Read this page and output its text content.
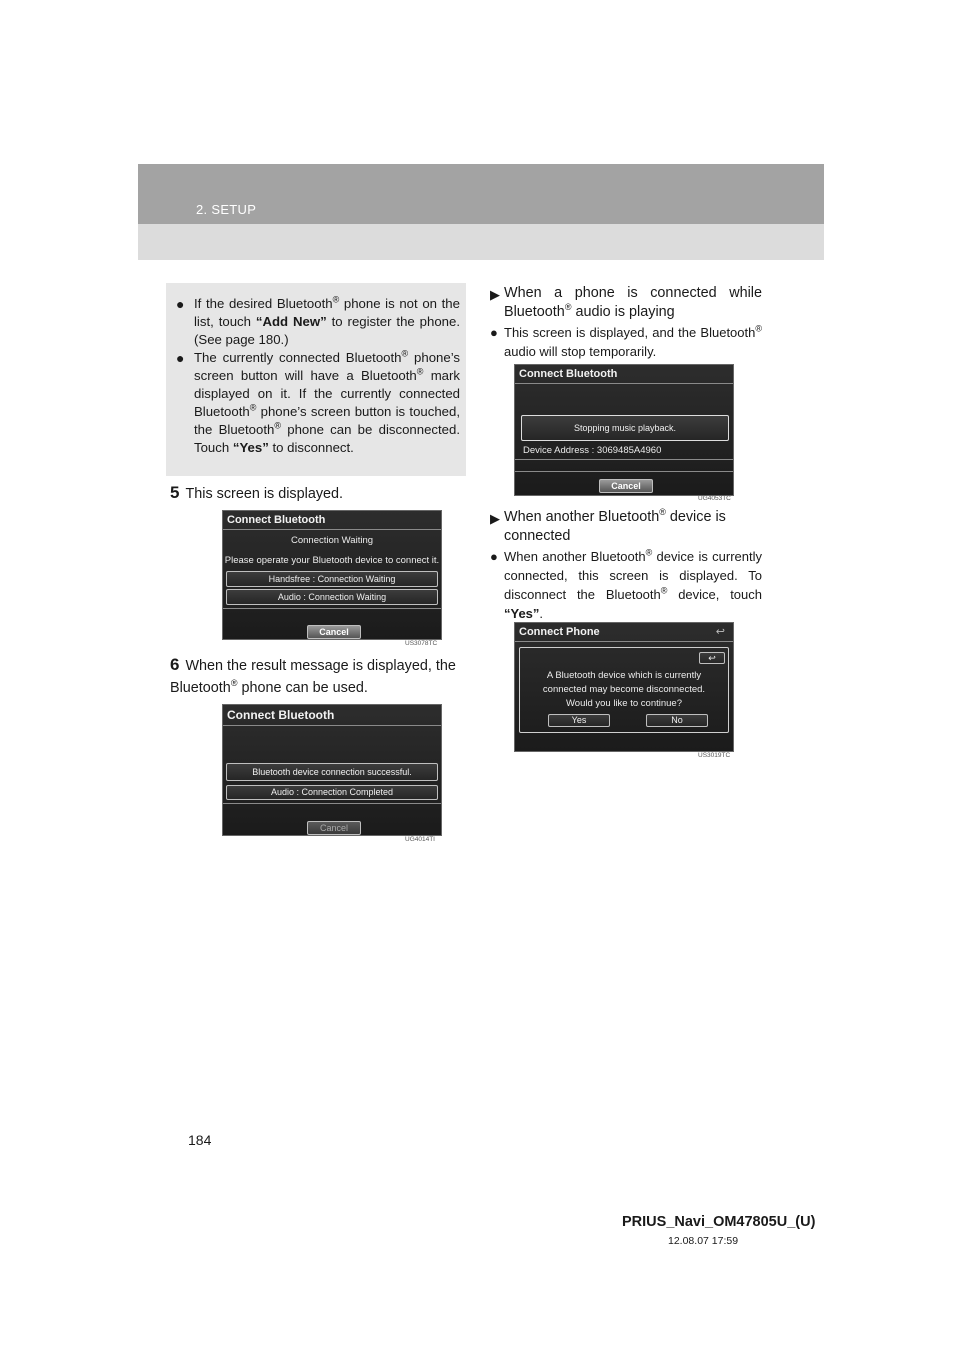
2. SETUP
● If the desired Bluetooth® phone is not on the list, touch “Add New” to register the phone. (See page 180.)
● The currently connected Bluetooth® phone’s screen button will have a Bluetooth® mark displayed on it. If the currently connected Bluetooth® phone’s screen button is touched, the Bluetooth® phone can be disconnected. Touch “Yes” to disconnect.
5 This screen is displayed.
Connect Bluetooth
Connection Waiting
Please operate your Bluetooth device to connect it.
Handsfree : Connection Waiting
Audio : Connection Waiting
Cancel
US3078TC
6 When the result message is displayed, the Bluetooth® phone can be used.
Connect Bluetooth
Bluetooth device connection successful.
Audio : Connection Completed
Cancel
UG4014TI
▶ When a phone is connected while Bluetooth® audio is playing
● This screen is displayed, and the Bluetooth® audio will stop temporarily.
Connect Bluetooth
Stopping music playback.
Device Address : 3069485A4960
Cancel
UG4053TC
▶ When another Bluetooth® device is connected
● When another Bluetooth® device is currently connected, this screen is displayed. To disconnect the Bluetooth® device, touch “Yes”.
Connect Phone	↩
↩
A Bluetooth device which is currently
connected may become disconnected.
Would you like to continue?
Yes	No
US3019TC
184
PRIUS_Navi_OM47805U_(U)
12.08.07 17:59
